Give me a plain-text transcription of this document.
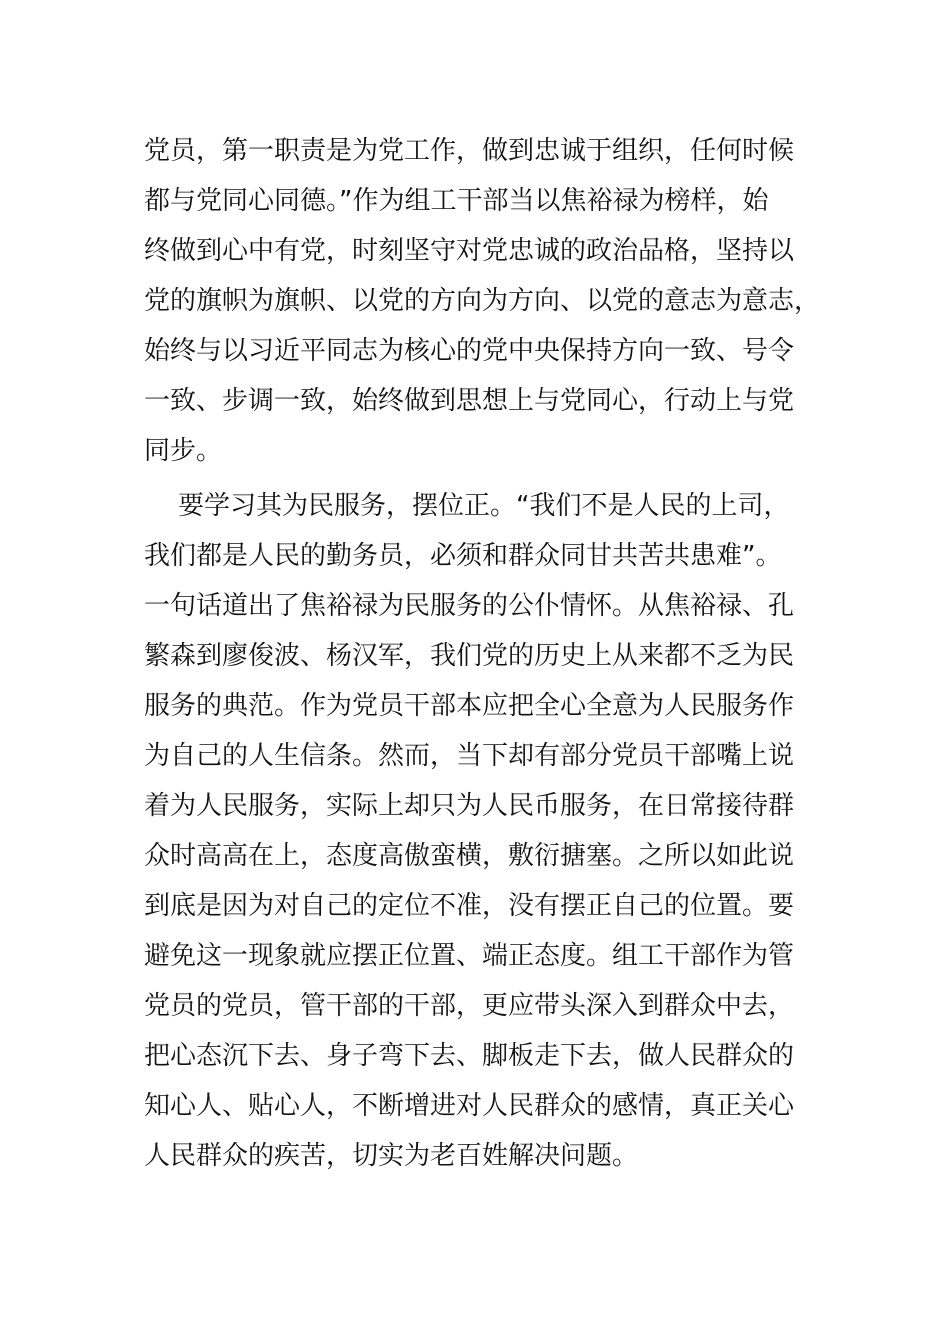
党员，第一职责是为党工作，做到忠诚于组织，任何时候
都与党同心同德。”作为组工干部当以焦裕禄为榜样，始
终做到心中有党，时刻坚守对党忠诚的政治品格，坚持以
党的旗帜为旗帜、以党的方向为方向、以党的意志为意志，
始终与以习近平同志为核心的党中央保持方向一致、号令
一致、步调一致，始终做到思想上与党同心，行动上与党
同步。
要学习其为民服务，摆位正。“我们不是人民的上司，
我们都是人民的勤务员，必须和群众同甘共苦共患难”。
一句话道出了焦裕禄为民服务的公仆情怀。从焦裕禄、孔
繁森到廖俊波、杨汉军，我们党的历史上从来都不乏为民
服务的典范。作为党员干部本应把全心全意为人民服务作
为自己的人生信条。然而，当下却有部分党员干部嘴上说
着为人民服务，实际上却只为人民币服务，在日常接待群
众时高高在上，态度高傲蛮横，敷衍搪塞。之所以如此说
到底是因为对自己的定位不准，没有摆正自己的位置。要
避免这一现象就应摆正位置、端正态度。组工干部作为管
党员的党员，管干部的干部，更应带头深入到群众中去，
把心态沉下去、身子弯下去、脚板走下去，做人民群众的
知心人、贴心人，不断增进对人民群众的感情，真正关心
人民群众的疾苦，切实为老百姓解决问题。
